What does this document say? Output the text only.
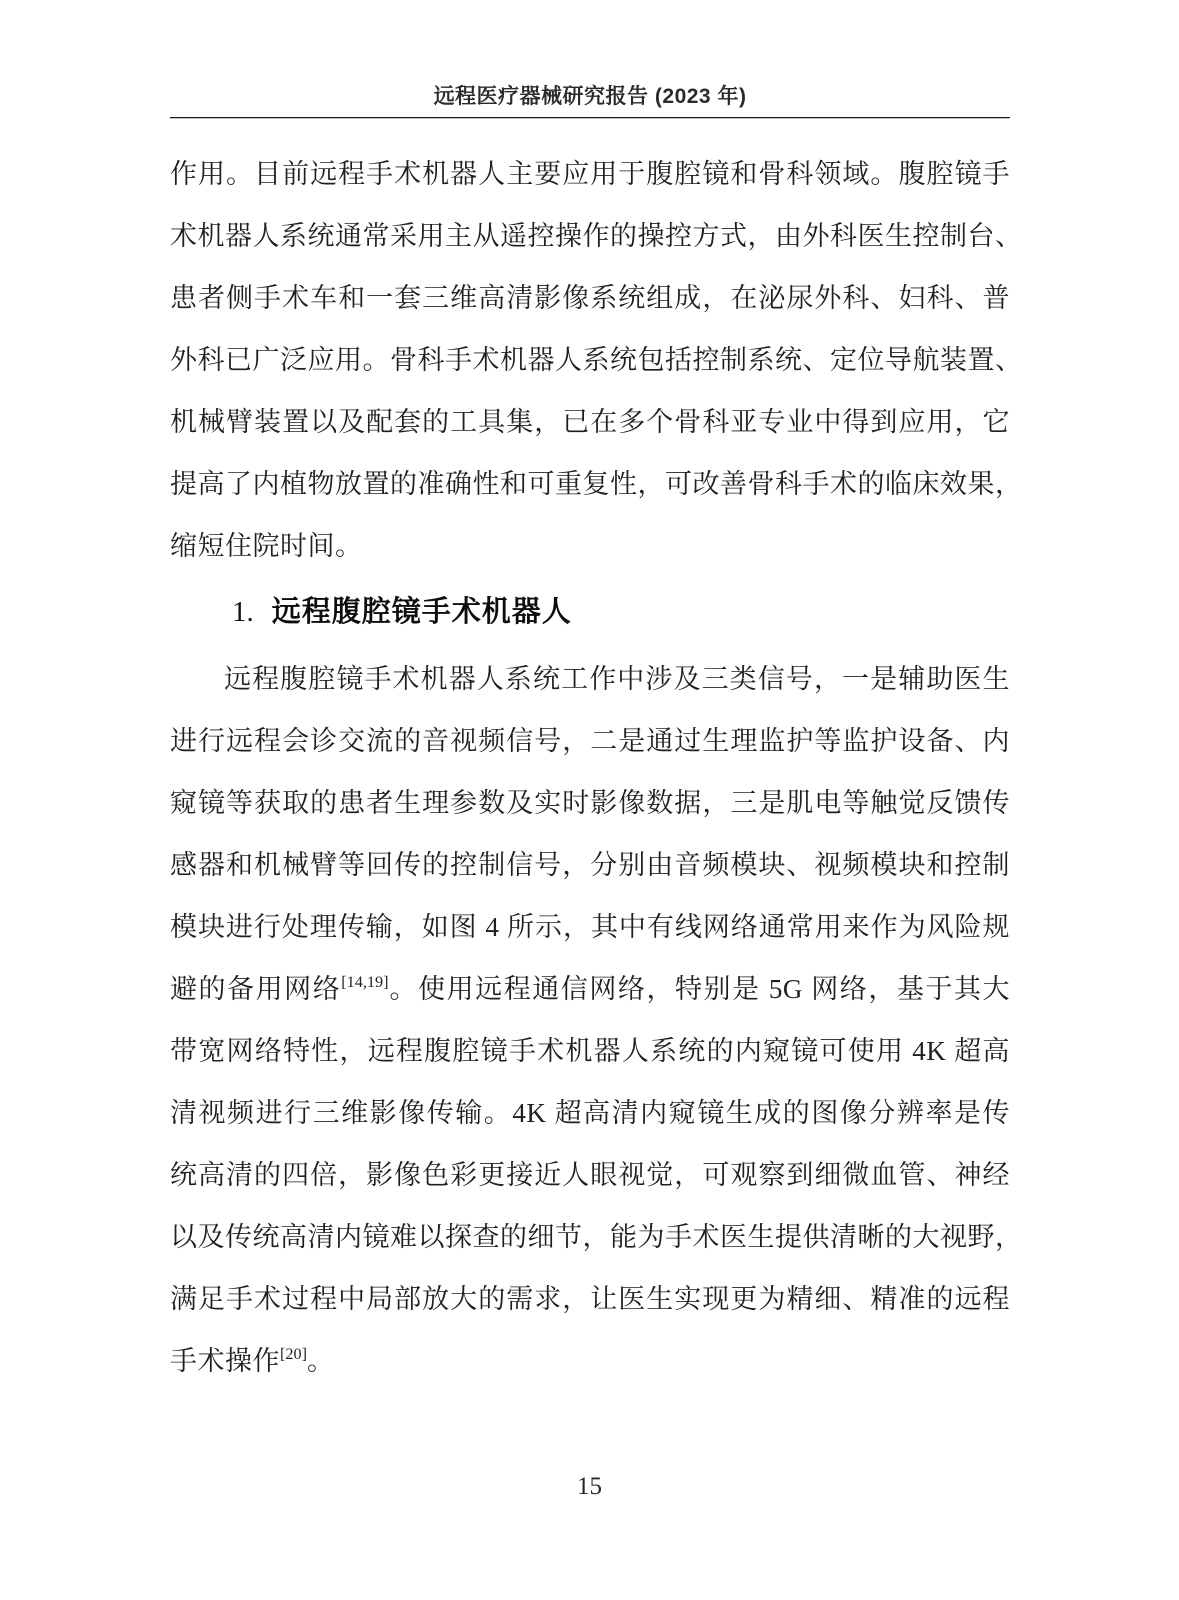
远程医疗器械研究报告 (2023 年)
作用。目前远程手术机器人主要应用于腹腔镜和骨科领域。腹腔镜手
术机器人系统通常采用主从遥控操作的操控方式，由外科医生控制台、
患者侧手术车和一套三维高清影像系统组成，在泌尿外科、妇科、普
外科已广泛应用。骨科手术机器人系统包括控制系统、定位导航装置、
机械臂装置以及配套的工具集，已在多个骨科亚专业中得到应用，它
提高了内植物放置的准确性和可重复性，可改善骨科手术的临床效果，
缩短住院时间。
1. 远程腹腔镜手术机器人
远程腹腔镜手术机器人系统工作中涉及三类信号，一是辅助医生
进行远程会诊交流的音视频信号，二是通过生理监护等监护设备、内
窥镜等获取的患者生理参数及实时影像数据，三是肌电等触觉反馈传
感器和机械臂等回传的控制信号，分别由音频模块、视频模块和控制
模块进行处理传输，如图 4 所示，其中有线网络通常用来作为风险规
避的备用网络[14,19]。使用远程通信网络，特别是 5G 网络，基于其大
带宽网络特性，远程腹腔镜手术机器人系统的内窥镜可使用 4K 超高
清视频进行三维影像传输。4K 超高清内窥镜生成的图像分辨率是传
统高清的四倍，影像色彩更接近人眼视觉，可观察到细微血管、神经
以及传统高清内镜难以探查的细节，能为手术医生提供清晰的大视野，
满足手术过程中局部放大的需求，让医生实现更为精细、精准的远程
手术操作[20]。
15
